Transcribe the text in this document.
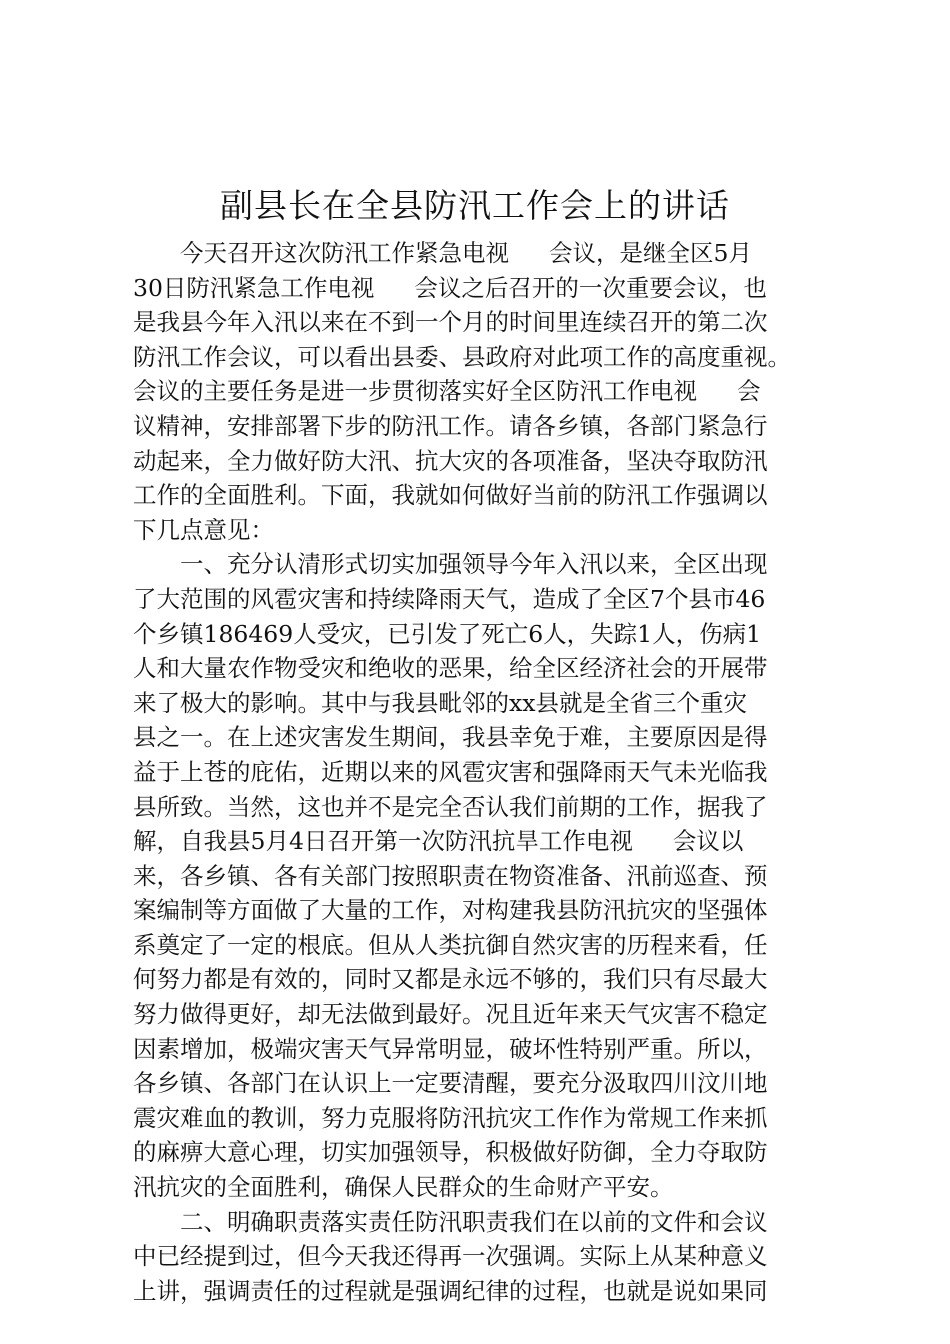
副县长在全县防汛工作会上的讲话
今天召开这次防汛工作紧急电视 会议，是继全区5月
30日防汛紧急工作电视 会议之后召开的一次重要会议，也
是我县今年入汛以来在不到一个月的时间里连续召开的第二次
防汛工作会议，可以看出县委、县政府对此项工作的高度重视。
会议的主要任务是进一步贯彻落实好全区防汛工作电视 会
议精神，安排部署下步的防汛工作。请各乡镇，各部门紧急行
动起来，全力做好防大汛、抗大灾的各项准备，坚决夺取防汛
工作的全面胜利。下面，我就如何做好当前的防汛工作强调以
下几点意见：
一、充分认清形式切实加强领导今年入汛以来，全区出现
了大范围的风雹灾害和持续降雨天气，造成了全区7个县市46
个乡镇186469人受灾，已引发了死亡6人，失踪1人，伤病1
人和大量农作物受灾和绝收的恶果，给全区经济社会的开展带
来了极大的影响。其中与我县毗邻的xx县就是全省三个重灾
县之一。在上述灾害发生期间，我县幸免于难，主要原因是得
益于上苍的庇佑，近期以来的风雹灾害和强降雨天气未光临我
县所致。当然，这也并不是完全否认我们前期的工作，据我了
解，自我县5月4日召开第一次防汛抗旱工作电视 会议以
来，各乡镇、各有关部门按照职责在物资准备、汛前巡查、预
案编制等方面做了大量的工作，对构建我县防汛抗灾的坚强体
系奠定了一定的根底。但从人类抗御自然灾害的历程来看，任
何努力都是有效的，同时又都是永远不够的，我们只有尽最大
努力做得更好，却无法做到最好。况且近年来天气灾害不稳定
因素增加，极端灾害天气异常明显，破坏性特别严重。所以，
各乡镇、各部门在认识上一定要清醒，要充分汲取四川汶川地
震灾难血的教训，努力克服将防汛抗灾工作作为常规工作来抓
的麻痹大意心理，切实加强领导，积极做好防御，全力夺取防
汛抗灾的全面胜利，确保人民群众的生命财产平安。
二、明确职责落实责任防汛职责我们在以前的文件和会议
中已经提到过，但今天我还得再一次强调。实际上从某种意义
上讲，强调责任的过程就是强调纪律的过程，也就是说如果同
